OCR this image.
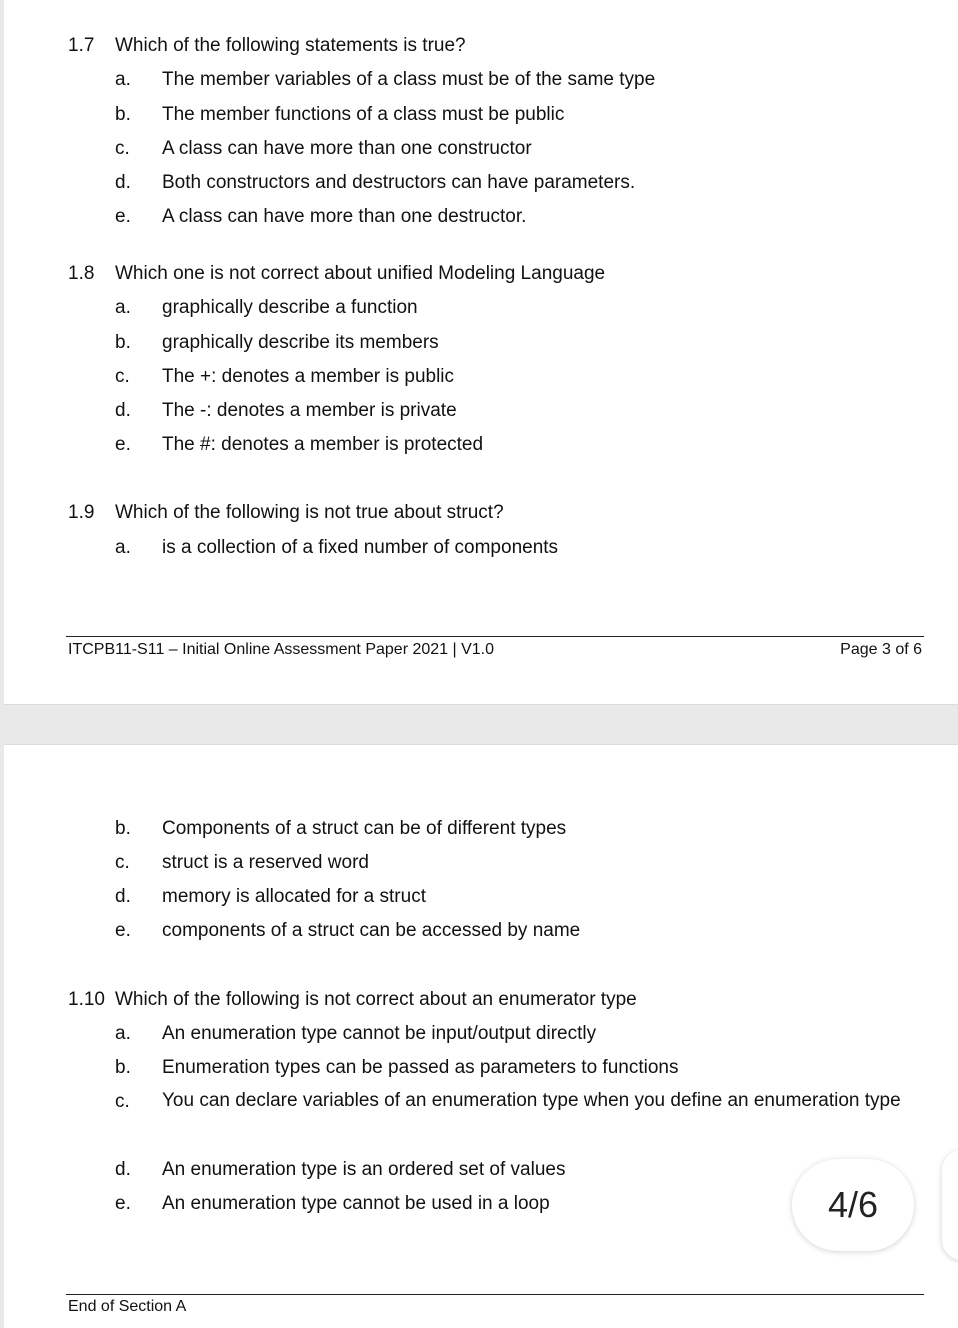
1.7 Which of the following statements is true?
a. The member variables of a class must be of the same type
b. The member functions of a class must be public
c. A class can have more than one constructor
d. Both constructors and destructors can have parameters.
e. A class can have more than one destructor.
1.8 Which one is not correct about unified Modeling Language
a. graphically describe a function
b. graphically describe its members
c. The +: denotes a member is public
d. The -: denotes a member is private
e. The #: denotes a member is protected
1.9 Which of the following is not true about struct?
a. is a collection of a fixed number of components
ITCPB11-S11 – Initial Online Assessment Paper 2021 | V1.0	Page 3 of 6
b. Components of a struct can be of different types
c. struct is a reserved word
d. memory is allocated for a struct
e. components of a struct can be accessed by name
1.10 Which of the following is not correct about an enumerator type
a. An enumeration type cannot be input/output directly
b. Enumeration types can be passed as parameters to functions
c. You can declare variables of an enumeration type when you define an enumeration type
d. An enumeration type is an ordered set of values
e. An enumeration type cannot be used in a loop
End of Section A
4/6
